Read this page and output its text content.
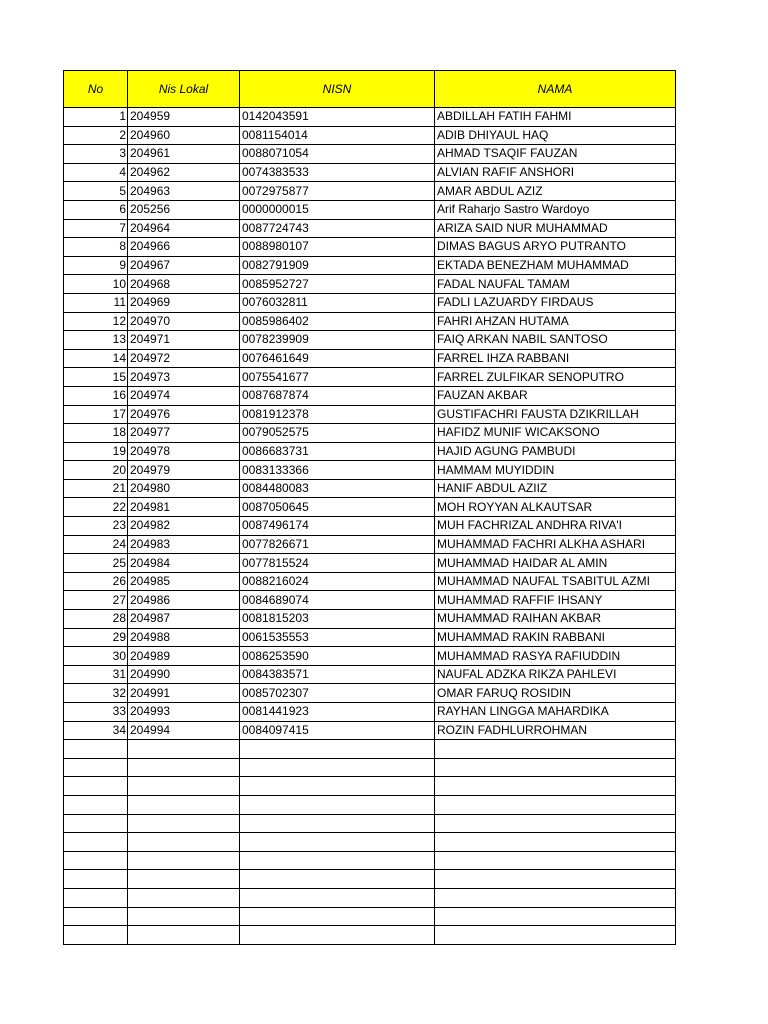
No	Nis Lokal	NISN	NAMA
1	204959	0142043591	ABDILLAH FATIH FAHMI
2	204960	0081154014	ADIB DHIYAUL HAQ
3	204961	0088071054	AHMAD TSAQIF FAUZAN
4	204962	0074383533	ALVIAN RAFIF ANSHORI
5	204963	0072975877	AMAR ABDUL AZIZ
6	205256	0000000015	Arif Raharjo Sastro Wardoyo
7	204964	0087724743	ARIZA SAID NUR MUHAMMAD
8	204966	0088980107	DIMAS BAGUS ARYO PUTRANTO
9	204967	0082791909	EKTADA BENEZHAM MUHAMMAD
10	204968	0085952727	FADAL NAUFAL TAMAM
11	204969	0076032811	FADLI LAZUARDY FIRDAUS
12	204970	0085986402	FAHRI AHZAN HUTAMA
13	204971	0078239909	FAIQ ARKAN NABIL SANTOSO
14	204972	0076461649	FARREL IHZA RABBANI
15	204973	0075541677	FARREL ZULFIKAR SENOPUTRO
16	204974	0087687874	FAUZAN AKBAR
17	204976	0081912378	GUSTIFACHRI FAUSTA DZIKRILLAH
18	204977	0079052575	HAFIDZ MUNIF WICAKSONO
19	204978	0086683731	HAJID AGUNG PAMBUDI
20	204979	0083133366	HAMMAM MUYIDDIN
21	204980	0084480083	HANIF ABDUL AZIIZ
22	204981	0087050645	MOH ROYYAN ALKAUTSAR
23	204982	0087496174	MUH FACHRIZAL ANDHRA RIVA'I
24	204983	0077826671	MUHAMMAD FACHRI ALKHA ASHARI
25	204984	0077815524	MUHAMMAD HAIDAR AL AMIN
26	204985	0088216024	MUHAMMAD NAUFAL TSABITUL AZMI
27	204986	0084689074	MUHAMMAD RAFFIF IHSANY
28	204987	0081815203	MUHAMMAD RAIHAN AKBAR
29	204988	0061535553	MUHAMMAD RAKIN RABBANI
30	204989	0086253590	MUHAMMAD RASYA RAFIUDDIN
31	204990	0084383571	NAUFAL ADZKA RIKZA PAHLEVI
32	204991	0085702307	OMAR FARUQ ROSIDIN
33	204993	0081441923	RAYHAN LINGGA MAHARDIKA
34	204994	0084097415	ROZIN FADHLURROHMAN
